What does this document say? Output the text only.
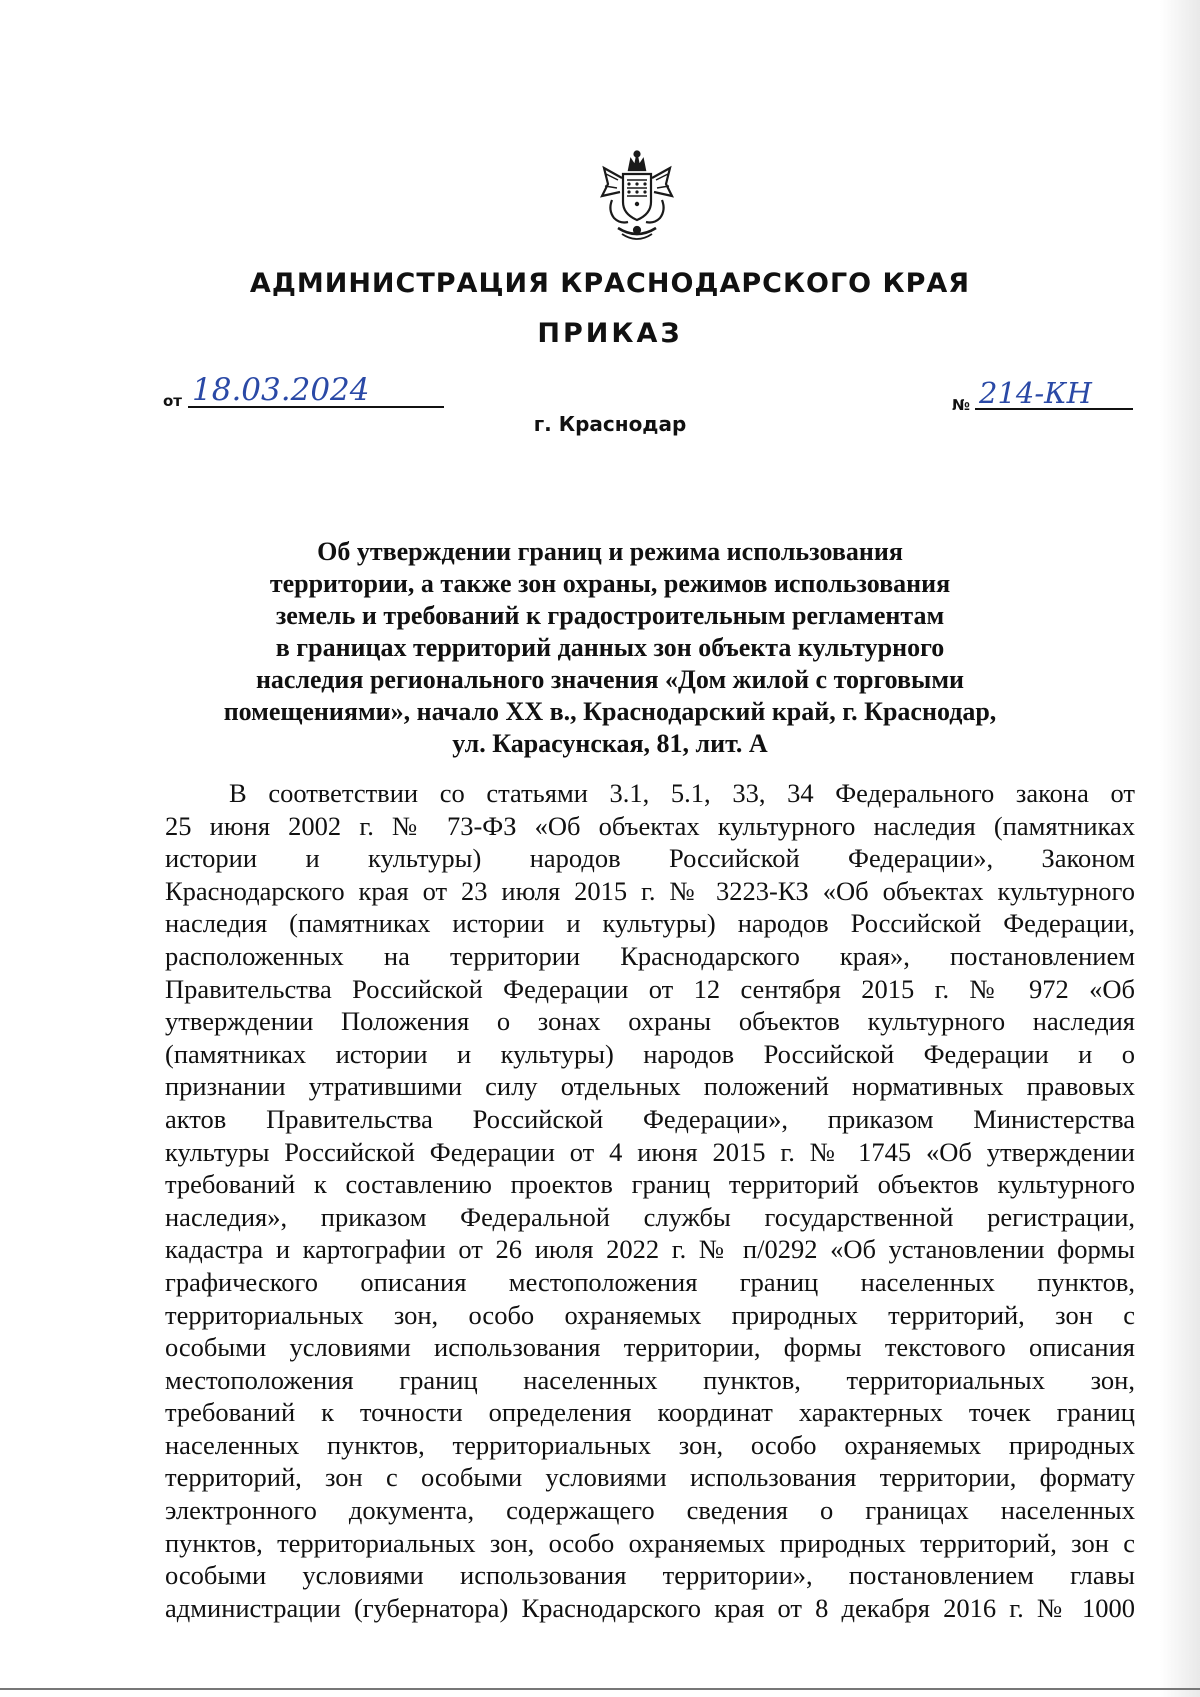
АДМИНИСТРАЦИЯ КРАСНОДАРСКОГО КРАЯ
ПРИКАЗ
от 18.03.2024	№ 214-КН
г. Краснодар
Об утверждении границ и режима использования
территории, а также зон охраны, режимов использования
земель и требований к градостроительным регламентам
в границах территорий данных зон объекта культурного
наследия регионального значения «Дом жилой с торговыми
помещениями», начало XX в., Краснодарский край, г. Краснодар,
ул. Карасунская, 81, лит. А
В соответствии со статьями 3.1, 5.1, 33, 34 Федерального закона от
25 июня 2002 г. № 73-ФЗ «Об объектах культурного наследия (памятниках
истории и культуры) народов Российской Федерации», Законом
Краснодарского края от 23 июля 2015 г. № 3223-КЗ «Об объектах культурного
наследия (памятниках истории и культуры) народов Российской Федерации,
расположенных на территории Краснодарского края», постановлением
Правительства Российской Федерации от 12 сентября 2015 г. № 972 «Об
утверждении Положения о зонах охраны объектов культурного наследия
(памятниках истории и культуры) народов Российской Федерации и о
признании утратившими силу отдельных положений нормативных правовых
актов Правительства Российской Федерации», приказом Министерства
культуры Российской Федерации от 4 июня 2015 г. № 1745 «Об утверждении
требований к составлению проектов границ территорий объектов культурного
наследия», приказом Федеральной службы государственной регистрации,
кадастра и картографии от 26 июля 2022 г. № п/0292 «Об установлении формы
графического описания местоположения границ населенных пунктов,
территориальных зон, особо охраняемых природных территорий, зон с
особыми условиями использования территории, формы текстового описания
местоположения границ населенных пунктов, территориальных зон,
требований к точности определения координат характерных точек границ
населенных пунктов, территориальных зон, особо охраняемых природных
территорий, зон с особыми условиями использования территории, формату
электронного документа, содержащего сведения о границах населенных
пунктов, территориальных зон, особо охраняемых природных территорий, зон с
особыми условиями использования территории», постановлением главы
администрации (губернатора) Краснодарского края от 8 декабря 2016 г. № 1000
